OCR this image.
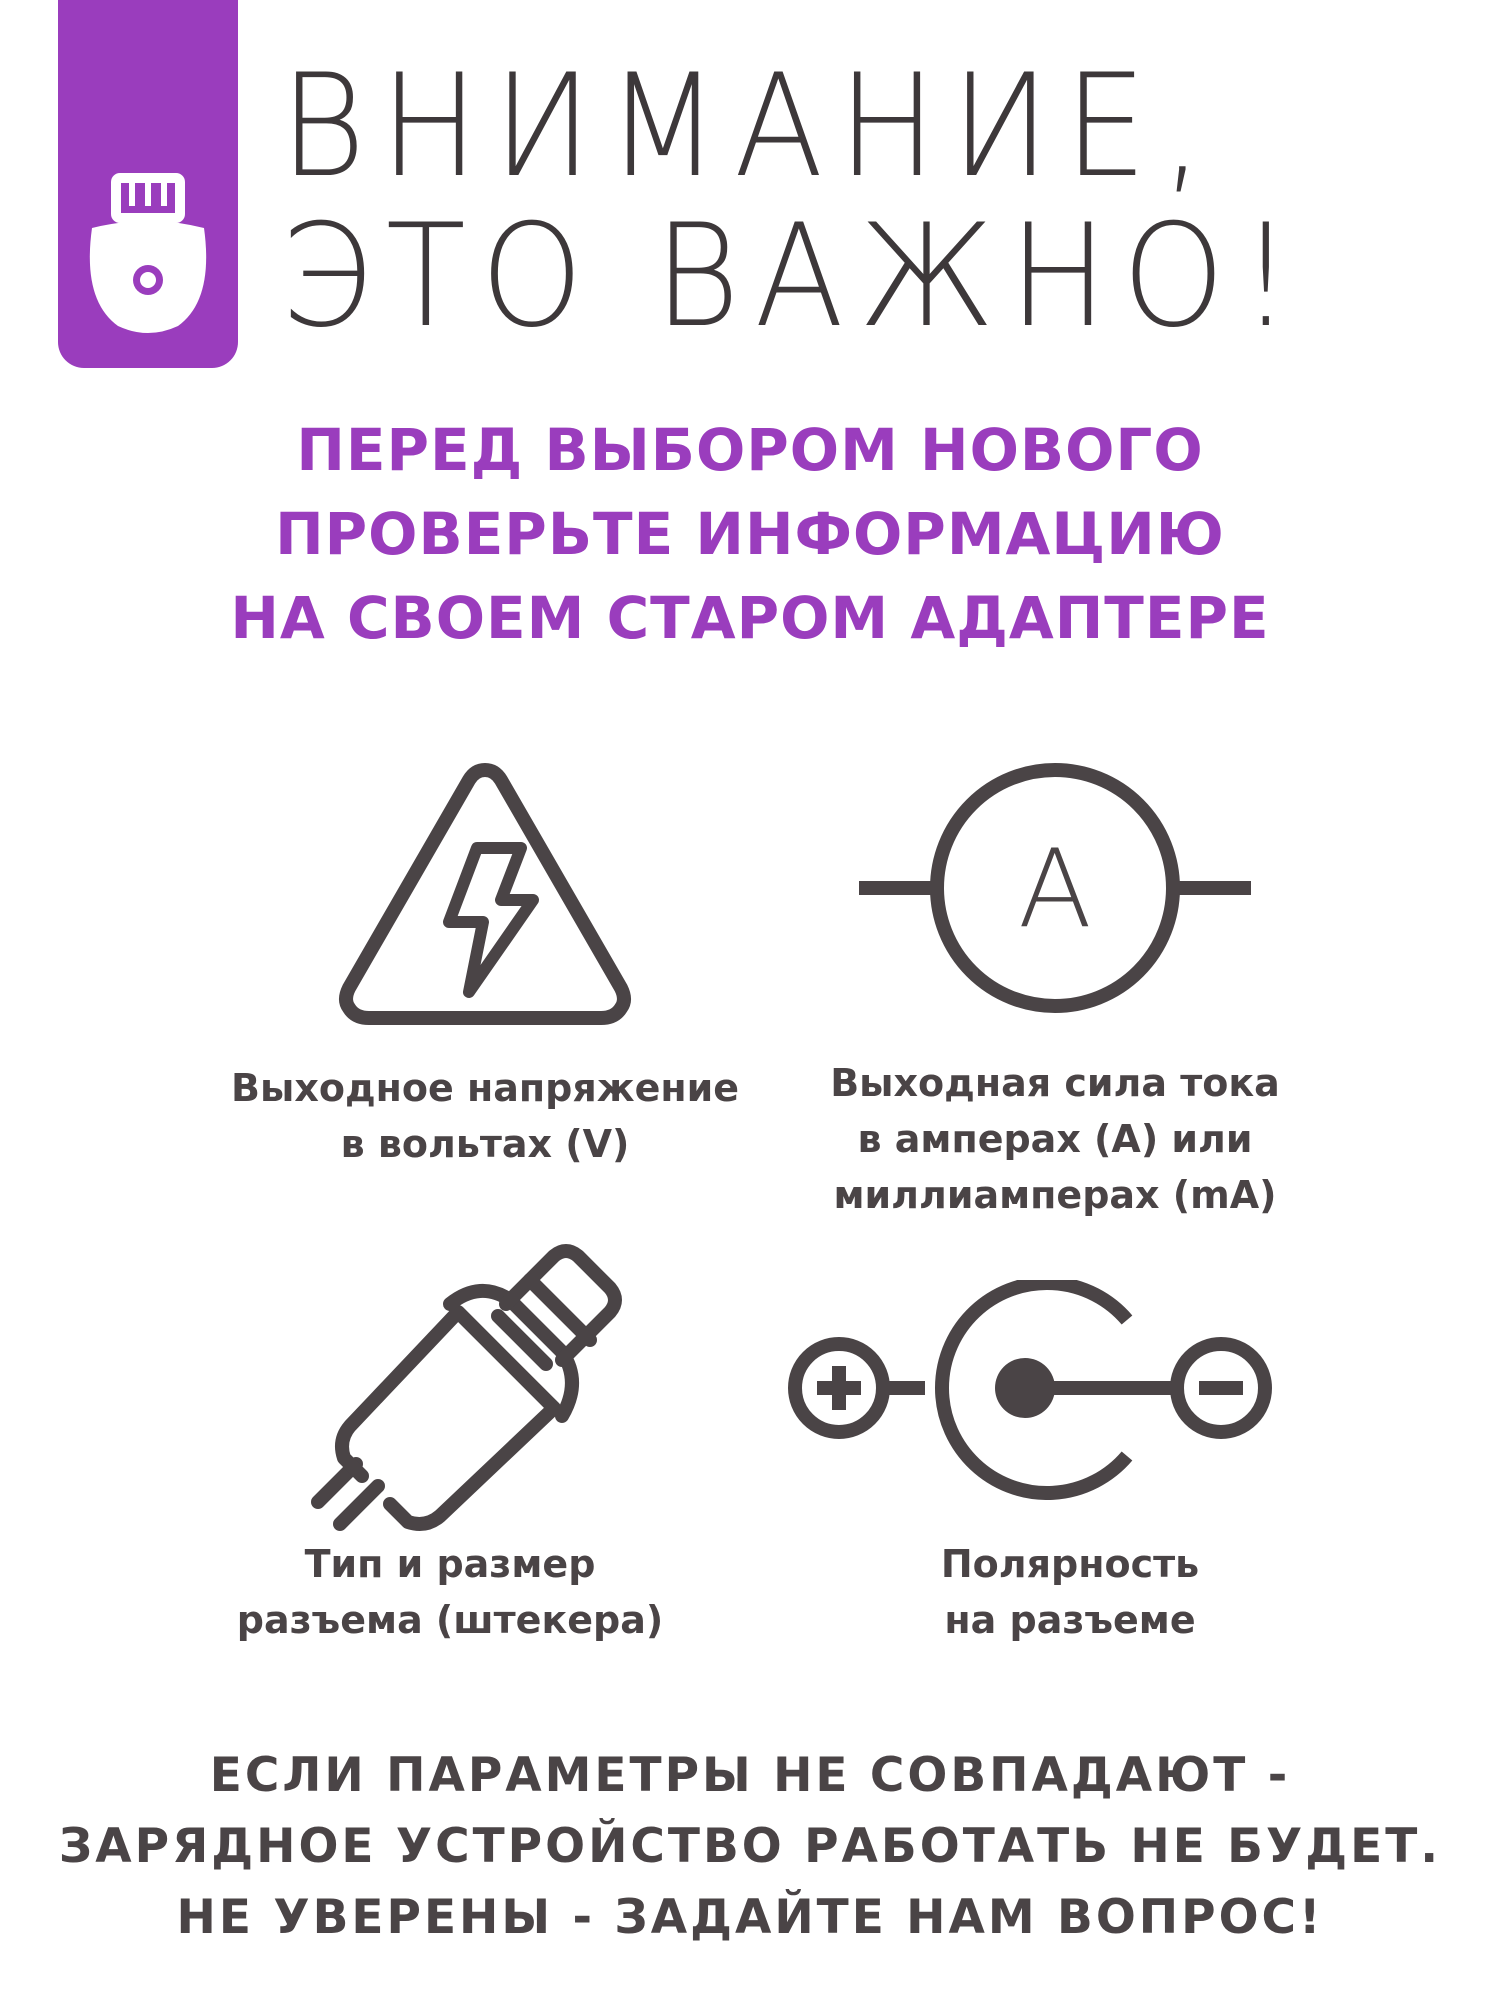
ВНИМАНИЕ,
ЭТО ВАЖНО!
ПЕРЕД ВЫБОРОМ НОВОГО
ПРОВЕРЬТЕ ИНФОРМАЦИЮ
НА СВОЕМ СТАРОМ АДАПТЕРЕ
A
Выходное напряжение
в вольтах (V)
Выходная сила тока
в амперах (А) или
миллиамперах (mA)
Тип и размер
разъема (штекера)
Полярность
на разъеме
ЕСЛИ ПАРАМЕТРЫ НЕ СОВПАДАЮТ -
ЗАРЯДНОЕ УСТРОЙСТВО РАБОТАТЬ НЕ БУДЕТ.
НЕ УВЕРЕНЫ - ЗАДАЙТЕ НАМ ВОПРОС!
